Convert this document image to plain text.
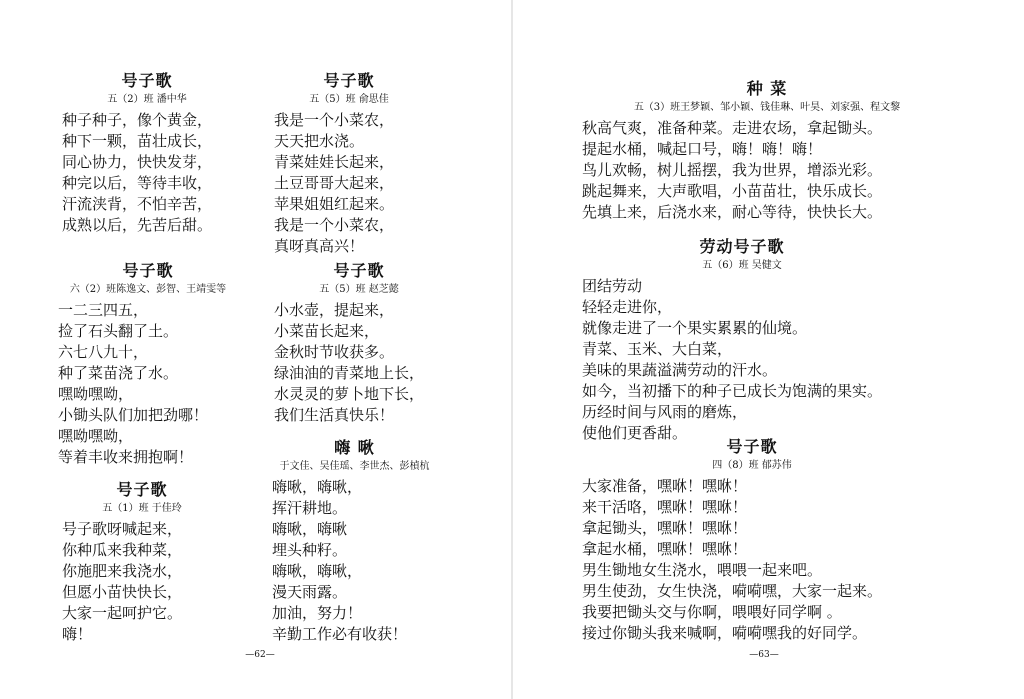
号子歌
五（2）班 潘中华
种子种子，像个黄金，
种下一颗，苗壮成长，
同心协力，快快发芽，
种完以后，等待丰收，
汗流浃背，不怕辛苦，
成熟以后，先苦后甜。
号子歌
五（5）班 俞思佳
我是一个小菜农，
天天把水浇。
青菜娃娃长起来，
土豆哥哥大起来，
苹果姐姐红起来。
我是一个小菜农，
真呀真高兴！
号子歌
六（2）班陈逸文、彭智、王靖雯等
一二三四五，
捡了石头翻了土。
六七八九十，
种了菜苗浇了水。
嘿呦嘿呦，
小锄头队们加把劲哪！
嘿呦嘿呦，
等着丰收来拥抱啊！
号子歌
五（5）班 赵芝懿
小水壶，提起来，
小菜苗长起来，
金秋时节收获多。
绿油油的青菜地上长，
水灵灵的萝卜地下长，
我们生活真快乐！
嗨 啾
于文佳、吴佳瑶、李世杰、彭楨杭
嗨啾，嗨啾，
挥汗耕地。
嗨啾，嗨啾
埋头种籽。
嗨啾，嗨啾，
漫天雨露。
加油，努力！
辛勤工作必有收获！
号子歌
五（1）班 于佳玲
号子歌呀喊起来，
你种瓜来我种菜，
你施肥来我浇水，
但愿小苗快快长，
大家一起呵护它。
嗨！
—62—
种 菜
五（3）班王梦颖、邹小颖、钱佳琳、叶昊、刘家强、程文黎
秋高气爽，准备种菜。走进农场，拿起锄头。
提起水桶，喊起口号，嗨！嗨！嗨！
鸟儿欢畅，树儿摇摆，我为世界，增添光彩。
跳起舞来，大声歌唱，小苗苗壮，快乐成长。
先填上来，后浇水来，耐心等待，快快长大。
劳动号子歌
五（6）班 吴健文
团结劳动
轻轻走进你，
就像走进了一个果实累累的仙境。
青菜、玉米、大白菜，
美味的果蔬溢满劳动的汗水。
如今，当初播下的种子已成长为饱满的果实。
历经时间与风雨的磨炼，
使他们更香甜。
号子歌
四（8）班 郁苏伟
大家准备，嘿咻！嘿咻！
来干活咯，嘿咻！嘿咻！
拿起锄头，嘿咻！嘿咻！
拿起水桶，嘿咻！嘿咻！
男生锄地女生浇水，喂喂一起来吧。
男生使劲，女生快浇，嗬嗬嘿，大家一起来。
我要把锄头交与你啊，喂喂好同学啊 。
接过你锄头我来喊啊，嗬嗬嘿我的好同学。
—63—
